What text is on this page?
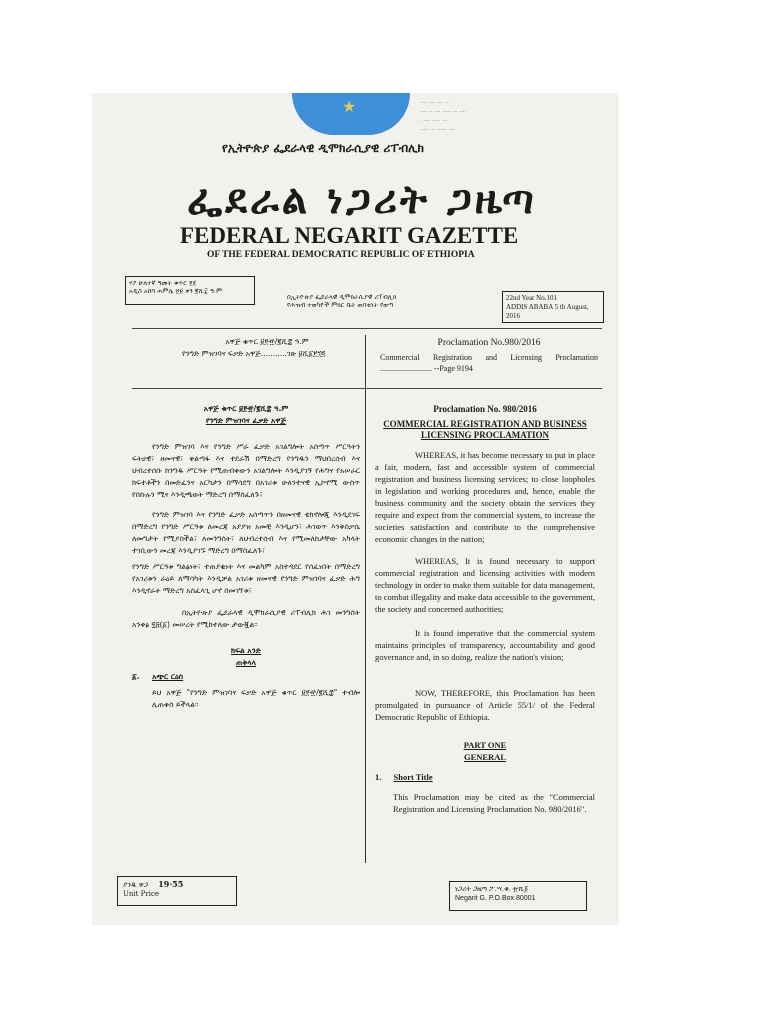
★	᎐᎐᎐᎐ ᎐᎐᎐᎐ ᎐᎐᎐᎐ ᎐᎐
᎐᎐᎐᎐ ᎐᎐ ᎐᎐᎐᎐ ᎐᎐᎐᎐᎐ ᎐᎐᎐ ᎐᎐᎐᎐
᎐ ᎐᎐᎐᎐ ᎐᎐᎐᎐᎐ ᎐᎐᎐
᎐᎐᎐᎐᎐ ᎐᎐᎐ ᎐᎐᎐᎐᎐᎐ ᎐᎐᎐᎐
የኢትዮጵያ ፌደራላዊ ዲሞክራሲያዊ ሪፐብሊክ
ፌደራል ነጋሪት ጋዜጣ
FEDERAL NEGARIT GAZETTE
OF THE FEDERAL DEMOCRATIC REPUBLIC OF ETHIOPIA
ሃያ ሁለተኛ ዓመት ቁጥር ፻፩
አዲስ አበባ ሐምሌ ፳፱ ቀን ፪ሺ፰ ዓ.ም
በኢትዮጵያ ፌደራላዊ ዲሞክራሲያዊ ሪፐብሊክ
የሕዝብ ተወካዮች ምክር ቤት ጠባቂነት የወጣ
22nd Year No.101
ADDIS ABABA 5 th August, 2016
አዋጅ ቁጥር ፱፻፹/፪ሺ፰ ዓ.ም
የንግድ ምዝገባና ፍቃድ አዋጅ...........ገጽ ፱ሺ፩፻፺፬
Proclamation No.980/2016
Commercial Registration and Licensing Proclamation .......................... --Page 9194
አዋጅ ቁጥር ፱፻፹/፪ሺ፰ ዓ.ም
የንግድ ምዝገባና ፈቃድ አዋጅ
የንግድ ምዝገባ እና የንግድ ሥራ ፈቃድ አገልግሎት አሰጣጥ ሥርዓትን ፍትሀዊ፣ ዘመናዊ፣ ቀልጣፋ እና ተደራሽ በማድረግ የንግዱን ማህበረሰብ እና ህብረተሰቡ ከንግዱ ሥርዓት የሚጠብቀውን አገልግሎት እንዲያገኝ የሕግና የአሠራር ክፍተቶችን በመድፈንና አርካታን በማሳደግ በአገሪቱ ሁለንተናዊ ኢኮኖሚ ውስጥ የበኩሉን ሚና እንዲጫወት ማድረግ በማስፈለጉ፣
የንግድ ምዝገባ እና የንግድ ፈቃድ አሰጣጥን በዘመናዊ ቴክኖሎጂ እንዲደገፍ በማድረግ የንግድ ሥርዓቱ ለመረጃ አያያዝ አመቺ እንዲሆን፣ ሕገወጥ እንቅስቃሴ ለመግታት የሚያስችል፣ ለመንግስት፣ ለህብረተሰብ እና የሚመለከታቸው አካላት ተገቢውን መረጃ እንዲያገኙ ማድረግ በማስፈለጉ፣
የንግድ ሥርዓቱ ግልፅነት፣ ተጠያቂነት እና መልካም አስተዳደር የሰፈነበት በማድረግ የአገሪቱን ራዕይ ለማሳካት እንዲቻል አገሪቱ ዘመናዊ የንግድ ምዝገባና ፈቃድ ሕግ እንዲኖራት ማድረግ አስፈላጊ ሆኖ በመገኘቱ፣
በኢትዮጵያ ፌደራላዊ ዲሞክራሲያዊ ሪፐብሊክ ሕገ መንግስት አንቀፅ ፶፭(፩) መሠረት የሚከተለው ታውጇል፡፡
ክፍል አንድ
ጠቅላላ
፩. አጭር ርዕስ
ይህ አዋጅ "የንግድ ምዝገባና ፍቃድ አዋጅ ቁጥር ፱፻፹/፪ሺ፰" ተብሎ ሊጠቀስ ይችላል፡፡
Proclamation No. 980/2016
COMMERCIAL REGISTRATION AND BUSINESS LICENSING PROCLAMATION
WHEREAS, it has become necessary to put in place a fair, modern, fast and accessible system of commercial registration and business licensing services; to close loopholes in legislation and working procedures and, hence, enable the business community and the society obtain the services they require and expect from the commercial system, to increase the societies satisfaction and contribute to the comprehensive economic changes in the nation;
WHEREAS, It is found necessary to support commercial registration and licensing activities with modern technology in order to make them suitable for data management, to combat illegality and make data accessible to the government, the society and concerned authorities;
It is found imperative that the commercial system maintains principles of transparency, accountability and good governance and, in so doing, realize the nation's vision;
NOW, THEREFORE, this Proclamation has been promulgated in pursuance of Article 55/1/ of the Federal Democratic Republic of Ethiopia.
PART ONE
GENERAL
1. Short Title
This Proclamation may be cited as the "Commercial Registration and Licensing Proclamation No. 980/2016".
ያንዱ ዋጋ 19·55
Unit Price
ነጋሪት ጋዜጣ ፖ.ሣ.ቁ. ፹ሺ፩
Negarit G. P.O.Box 80001
